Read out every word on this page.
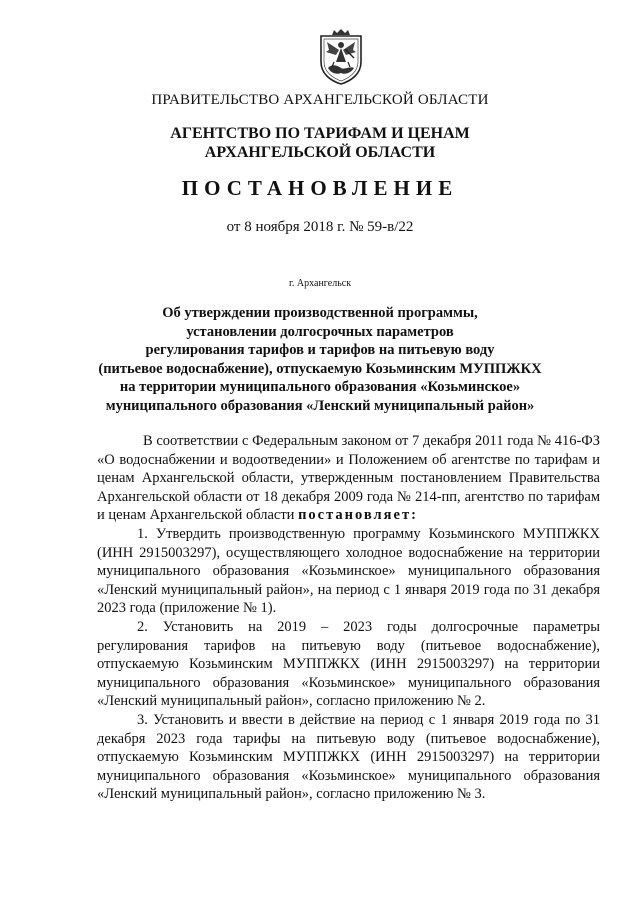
ПРАВИТЕЛЬСТВО АРХАНГЕЛЬСКОЙ ОБЛАСТИ
АГЕНТСТВО ПО ТАРИФАМ И ЦЕНАМ
АРХАНГЕЛЬСКОЙ ОБЛАСТИ
ПОСТАНОВЛЕНИЕ
от 8 ноября 2018 г. № 59-в/22
г. Архангельск
Об утверждении производственной программы,
установлении долгосрочных параметров
регулирования тарифов и тарифов на питьевую воду
(питьевое водоснабжение), отпускаемую Козьминским МУППЖКХ
на территории муниципального образования «Козьминское»
муниципального образования «Ленский муниципальный район»

В соответствии с Федеральным законом от 7 декабря 2011 года № 416-ФЗ «О водоснабжении и водоотведении» и Положением об агентстве по тарифам и ценам Архангельской области, утвержденным постановлением Правительства Архангельской области от 18 декабря 2009 года № 214-пп, агентство по тарифам и ценам Архангельской области постановляет:

1. Утвердить производственную программу Козьминского МУППЖКХ (ИНН 2915003297), осуществляющего холодное водоснабжение на территории муниципального образования «Козьминское» муниципального образования «Ленский муниципальный район», на период с 1 января 2019 года по 31 декабря 2023 года (приложение № 1).

2. Установить на 2019 – 2023 годы долгосрочные параметры регулирования тарифов на питьевую воду (питьевое водоснабжение), отпускаемую Козьминским МУППЖКХ (ИНН 2915003297) на территории муниципального образования «Козьминское» муниципального образования «Ленский муниципальный район», согласно приложению № 2.

3. Установить и ввести в действие на период с 1 января 2019 года по 31 декабря 2023 года тарифы на питьевую воду (питьевое водоснабжение), отпускаемую Козьминским МУППЖКХ (ИНН 2915003297) на территории муниципального образования «Козьминское» муниципального образования «Ленский муниципальный район», согласно приложению № 3.
